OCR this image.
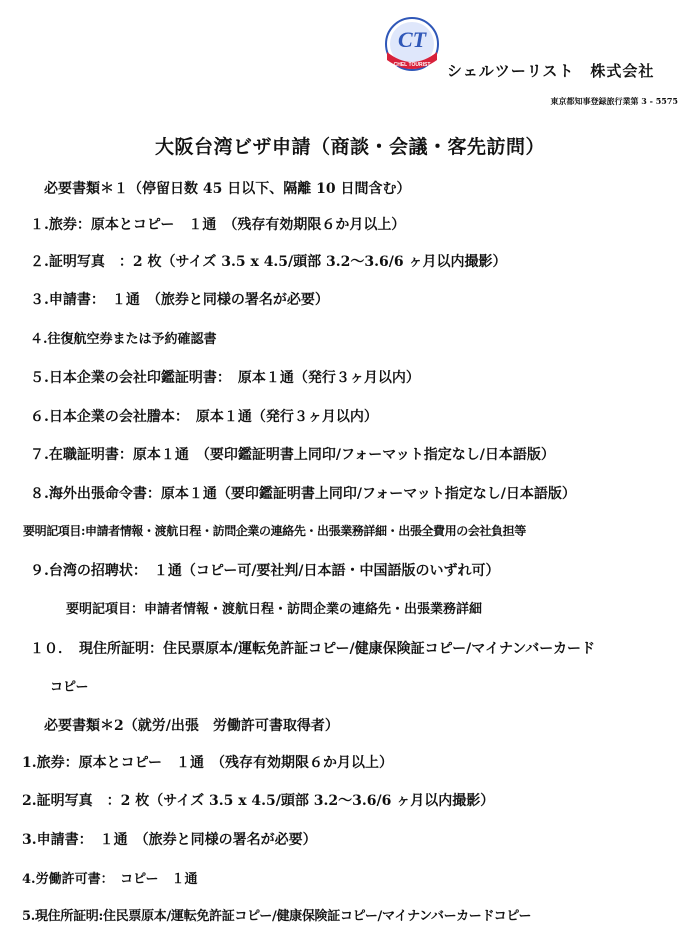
CT
CHEL TOURIST シェルツーリスト　株式会社
東京都知事登録旅行業第 3 - 5575
大阪台湾ビザ申請（商談・会議・客先訪問）
必要書類＊１（停留日数 45 日以下、隔離 10 日間含む）
１.旅券：原本とコピー　１通　（残存有効期限６か月以上）
２.証明写真　：2 枚（サイズ 3.5 x 4.5/頭部 3.2〜3.6/6 ヶ月以内撮影）
３.申請書：　１通　（旅券と同様の署名が必要）
４.往復航空券または予約確認書
５.日本企業の会社印鑑証明書：　原本１通（発行３ヶ月以内）
６.日本企業の会社謄本：　原本１通（発行３ヶ月以内）
７.在職証明書：原本１通　（要印鑑証明書上同印/フォーマット指定なし/日本語版）
８.海外出張命令書：原本１通（要印鑑証明書上同印/フォーマット指定なし/日本語版）
要明記項目:申請者情報・渡航日程・訪問企業の連絡先・出張業務詳細・出張全費用の会社負担等
９.台湾の招聘状：　１通（コピー可/要社判/日本語・中国語版のいずれ可）
要明記項目：申請者情報・渡航日程・訪問企業の連絡先・出張業務詳細
１０．　現住所証明：住民票原本/運転免許証コピー/健康保険証コピー/マイナンバーカード
コピー
必要書類＊2（就労/出張　労働許可書取得者）
1.旅券：原本とコピー　１通　（残存有効期限６か月以上）
2.証明写真　：2 枚（サイズ 3.5 x 4.5/頭部 3.2〜3.6/6 ヶ月以内撮影）
3.申請書：　１通　（旅券と同様の署名が必要）
4.労働許可書：　コピー　１通
5.現住所証明:住民票原本/運転免許証コピー/健康保険証コピー/マイナンバーカードコピー
